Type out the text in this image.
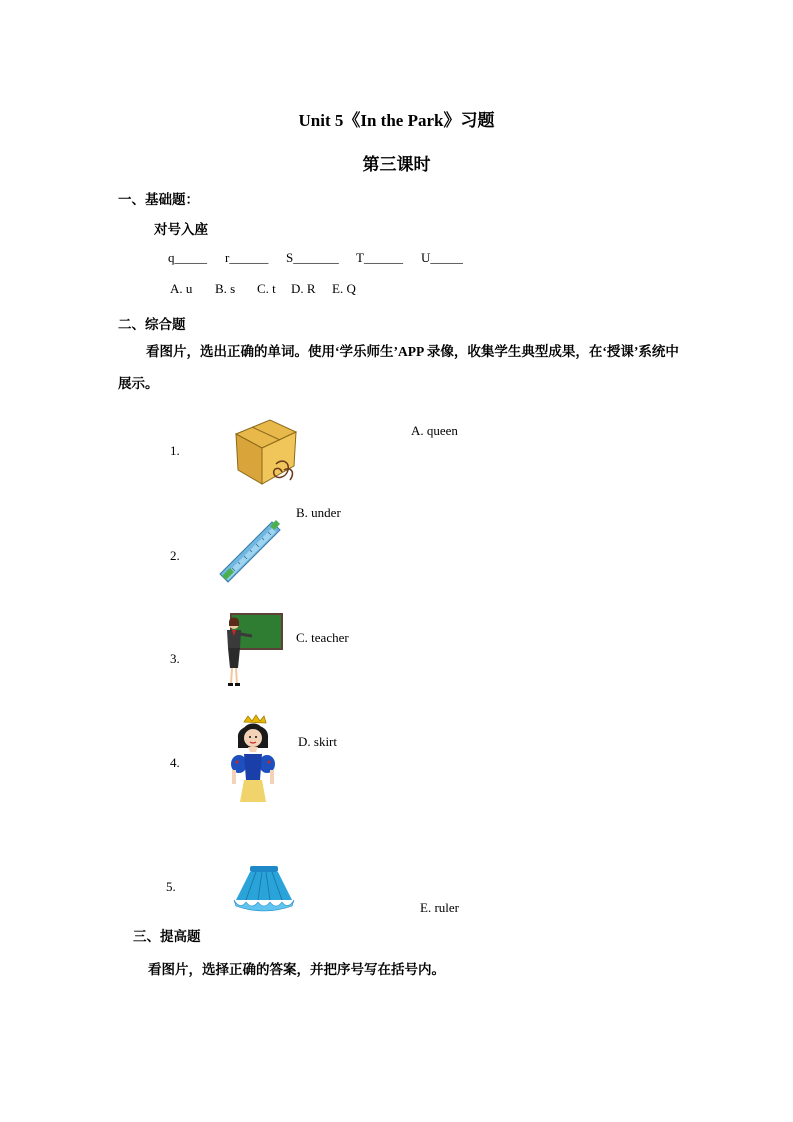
Unit 5《In the Park》习题
第三课时
一、基础题：
对号入座
q_____ r______ S_______ T______ U_____
A. u B. s C. t D. R E. Q
二、综合题
看图片，选出正确的单词。使用‘学乐师生’APP 录像，收集学生典型成果，在‘授课’系统中展示。
1.
2.
3.
4.
5.
A. queen
B. under
C. teacher
D. skirt
E. ruler
三、提高题
看图片，选择正确的答案，并把序号写在括号内。
